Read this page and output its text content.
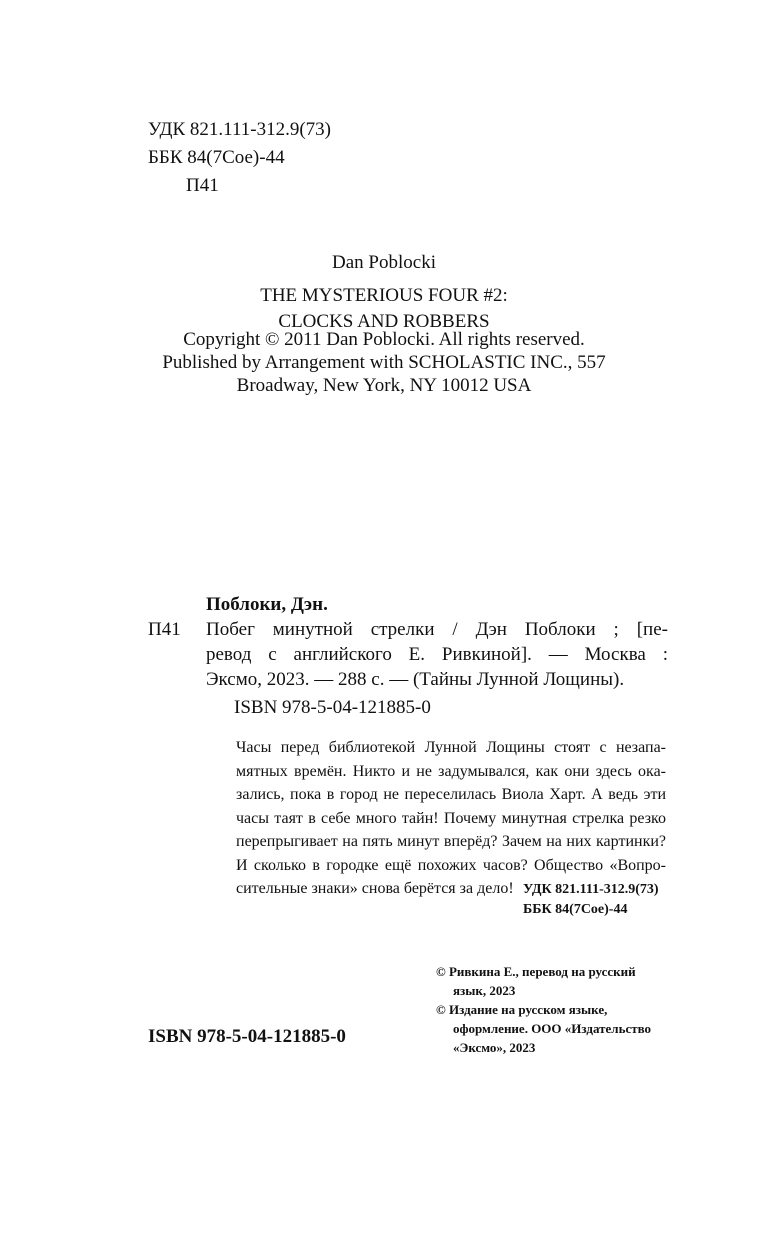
УДК 821.111-312.9(73)
ББК 84(7Сое)-44
П41
Dan Poblocki
THE MYSTERIOUS FOUR #2:
CLOCKS AND ROBBERS
Copyright © 2011 Dan Poblocki. All rights reserved.
Published by Arrangement with SCHOLASTIC INC., 557
Broadway, New York, NY 10012 USA
Поблоки, Дэн.
П41	Побег минутной стрелки / Дэн Поблоки ; [пе-
ревод с английского Е. Ривкиной]. — Москва :
Эксмо, 2023. — 288 с. — (Тайны Лунной Лощины).
ISBN 978-5-04-121885-0
Часы перед библиотекой Лунной Лощины стоят с незапа-
мятных времён. Никто и не задумывался, как они здесь ока-
зались, пока в город не переселилась Виола Харт. А ведь эти
часы таят в себе много тайн! Почему минутная стрелка резко
перепрыгивает на пять минут вперёд? Зачем на них картинки?
И сколько в городке ещё похожих часов? Общество «Вопро-
сительные знаки» снова берётся за дело! УДК 821.111-312.9(73)
ББК 84(7Сое)-44
© Ривкина Е., перевод на русский
язык, 2023
© Издание на русском языке,
оформление. ООО «Издательство
«Эксмо», 2023
ISBN 978-5-04-121885-0
